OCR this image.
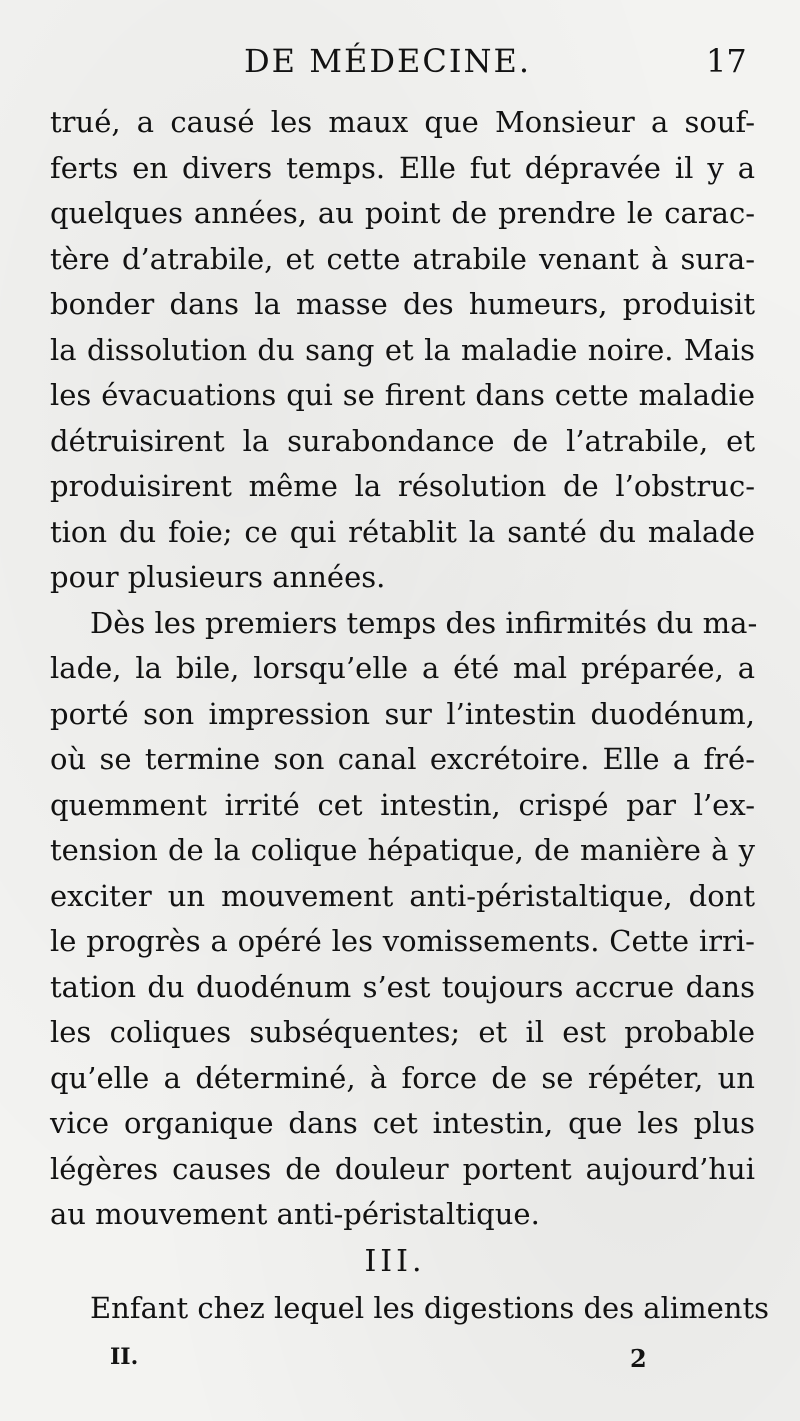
DE MÉDECINE.	17
trué, a causé les maux que Monsieur a souf-
ferts en divers temps. Elle fut dépravée il y a
quelques années, au point de prendre le carac-
tère d’atrabile, et cette atrabile venant à sura-
bonder dans la masse des humeurs, produisit
la dissolution du sang et la maladie noire. Mais
les évacuations qui se firent dans cette maladie
détruisirent la surabondance de l’atrabile, et
produisirent même la résolution de l’obstruc-
tion du foie; ce qui rétablit la santé du malade
pour plusieurs années.
Dès les premiers temps des infirmités du ma-
lade, la bile, lorsqu’elle a été mal préparée, a
porté son impression sur l’intestin duodénum,
où se termine son canal excrétoire. Elle a fré-
quemment irrité cet intestin, crispé par l’ex-
tension de la colique hépatique, de manière à y
exciter un mouvement anti-péristaltique, dont
le progrès a opéré les vomissements. Cette irri-
tation du duodénum s’est toujours accrue dans
les coliques subséquentes; et il est probable
qu’elle a déterminé, à force de se répéter, un
vice organique dans cet intestin, que les plus
légères causes de douleur portent aujourd’hui
au mouvement anti-péristaltique.
III.
Enfant chez lequel les digestions des aliments
II.	2
